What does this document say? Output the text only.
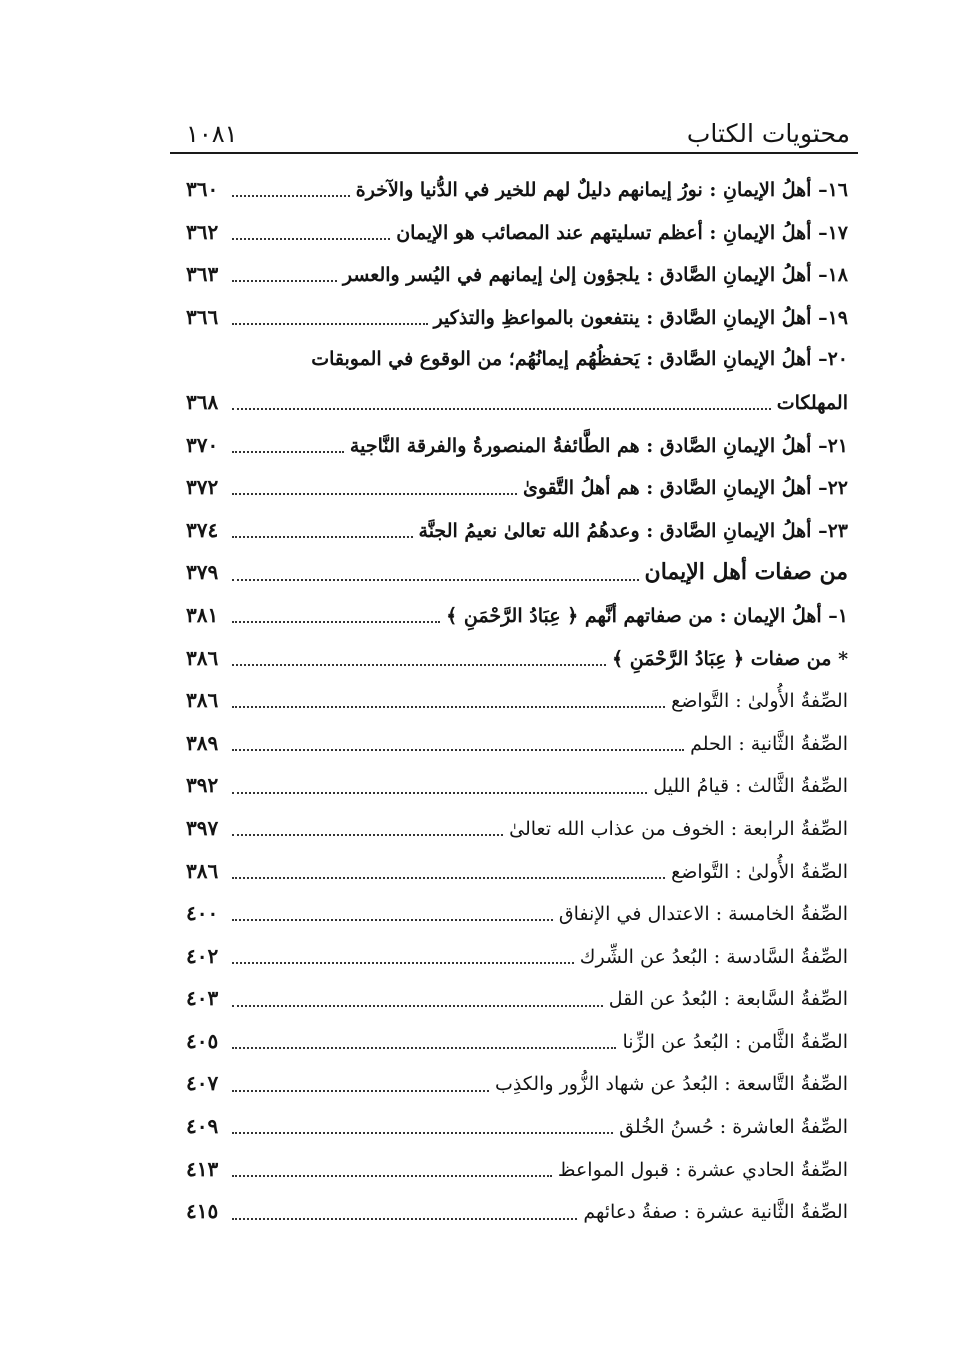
١٠٨١	محتويات الكتاب
١٦– أهلُ الإيمانِ : نورُ إيمانهم دليلٌ لهم للخير في الدُّنيا والآخرة
٣٦٠
١٧– أهلُ الإيمانِ : أعظم تسليتهم عند المصائب هو الإيمان
٣٦٢
١٨– أهلُ الإيمانِ الصَّادق : يلجؤون إلىٰ إيمانهم في اليُسر والعسر
٣٦٣
١٩– أهلُ الإيمانِ الصَّادق : ينتفعون بالمواعظِ والتذكير
٣٦٦
٢٠– أهلُ الإيمانِ الصَّادق : يَحفظُهُم إيمانُهُم؛ من الوقوع في الموبقات
المهلكات
٣٦٨
٢١– أهلُ الإيمانِ الصَّادق : هم الطَّائفةُ المنصورةُ والفرقة النَّاجية
٣٧٠
٢٢– أهلُ الإيمانِ الصَّادق : هم أهلُ التَّقوىٰ
٣٧٢
٢٣– أهلُ الإيمانِ الصَّادق : وعدهُمُ الله تعالىٰ نعيمُ الجنَّة
٣٧٤
من صفات أهل الإيمان
٣٧٩
١– أهلُ الإيمان : من صفاتهم أنَّهم ﴿ عِبَادُ الرَّحْمَنِ ﴾
٣٨١
* من صفات ﴿ عِبَادُ الرَّحْمَنِ ﴾
٣٨٦
الصِّفةُ الأُولىٰ : التَّواضع
٣٨٦
الصِّفةُ الثَّانية : الحلم
٣٨٩
الصِّفةُ الثَّالث : قيامُ الليل
٣٩٢
الصِّفةُ الرابعة : الخوف من عذاب الله تعالىٰ
٣٩٧
الصِّفةُ الأُولىٰ : التَّواضع
٣٨٦
الصِّفةُ الخامسة : الاعتدال في الإنفاق
٤٠٠
الصِّفةُ السَّادسة : البُعدُ عن الشِّرك
٤٠٢
الصِّفةُ السَّابعة : البُعدُ عن القل
٤٠٣
الصِّفةُ الثَّامن : البُعدُ عن الزِّنا
٤٠٥
الصِّفةُ التَّاسعة : البُعدُ عن شهاد الزُّور والكذِب
٤٠٧
الصِّفةُ العاشرة : حُسنُ الخُلق
٤٠٩
الصِّفةُ الحادي عشرة : قبول المواعظ
٤١٣
الصِّفةُ الثَّانية عشرة : صفةُ دعائهم
٤١٥
